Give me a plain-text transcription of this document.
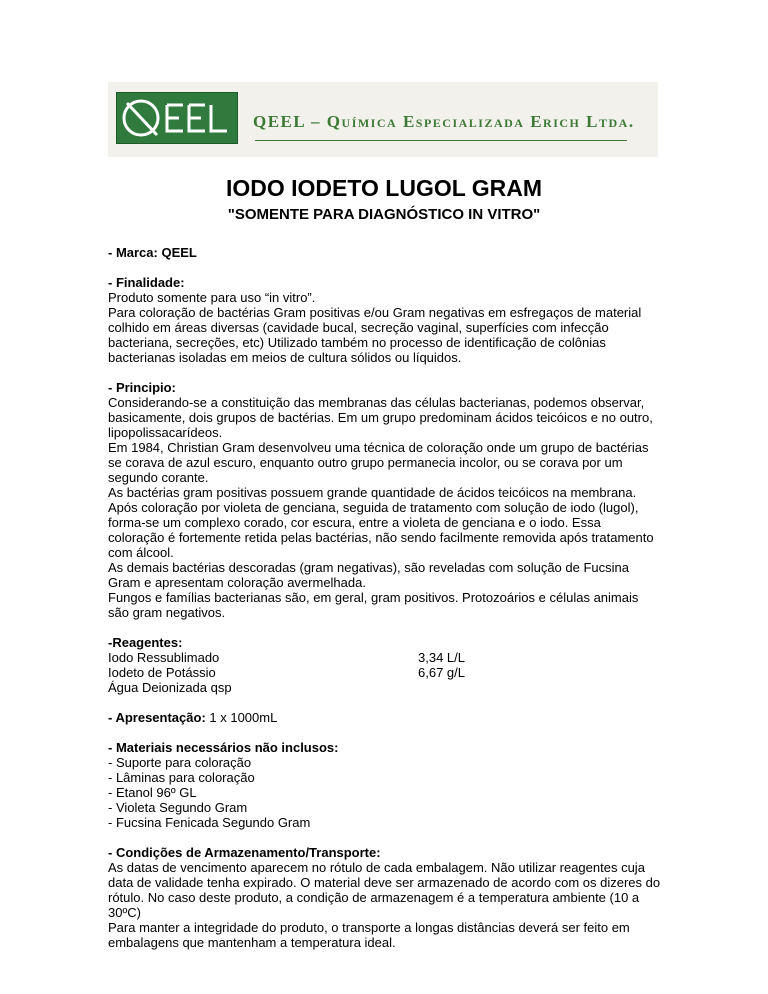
QEEL – Química Especializada Erich Ltda.
IODO IODETO LUGOL GRAM
"SOMENTE PARA DIAGNÓSTICO IN VITRO"

- Marca: QEEL

- Finalidade:

Produto somente para uso “in vitro”.

Para coloração de bactérias Gram positivas e/ou Gram negativas em esfregaços de material

colhido em áreas diversas (cavidade bucal, secreção vaginal, superfícies com infecção

bacteriana, secreções, etc) Utilizado também no processo de identificação de colônias

bacterianas isoladas em meios de cultura sólidos ou líquidos.

- Principio:

Considerando-se a constituição das membranas das células bacterianas, podemos observar,

basicamente, dois grupos de bactérias. Em um grupo predominam ácidos teicóicos e no outro,

lipopolissacarídeos.

Em 1984, Christian Gram desenvolveu uma técnica de coloração onde um grupo de bactérias

se corava de azul escuro, enquanto outro grupo permanecia incolor, ou se corava por um

segundo corante.

As bactérias gram positivas possuem grande quantidade de ácidos teicóicos na membrana.

Após coloração por violeta de genciana, seguida de tratamento com solução de iodo (lugol),

forma-se um complexo corado, cor escura, entre a violeta de genciana e o iodo. Essa

coloração é fortemente retida pelas bactérias, não sendo facilmente removida após tratamento

com álcool.

As demais bactérias descoradas (gram negativas), são reveladas com solução de Fucsina

Gram e apresentam coloração avermelhada.

Fungos e famílias bacterianas são, em geral, gram positivos. Protozoários e células animais

são gram negativos.

-Reagentes:

Iodo Ressublimado	3,34 L/L
Iodeto de Potássio	6,67 g/L
Água Deionizada qsp

- Apresentação: 1 x 1000mL

- Materiais necessários não inclusos:

- Suporte para coloração

- Lâminas para coloração

- Etanol 96º GL

- Violeta Segundo Gram

- Fucsina Fenicada Segundo Gram

- Condições de Armazenamento/Transporte:

As datas de vencimento aparecem no rótulo de cada embalagem. Não utilizar reagentes cuja

data de validade tenha expirado. O material deve ser armazenado de acordo com os dizeres do

rótulo. No caso deste produto, a condição de armazenagem é a temperatura ambiente (10 a

30ºC)

Para manter a integridade do produto, o transporte a longas distâncias deverá ser feito em

embalagens que mantenham a temperatura ideal.
